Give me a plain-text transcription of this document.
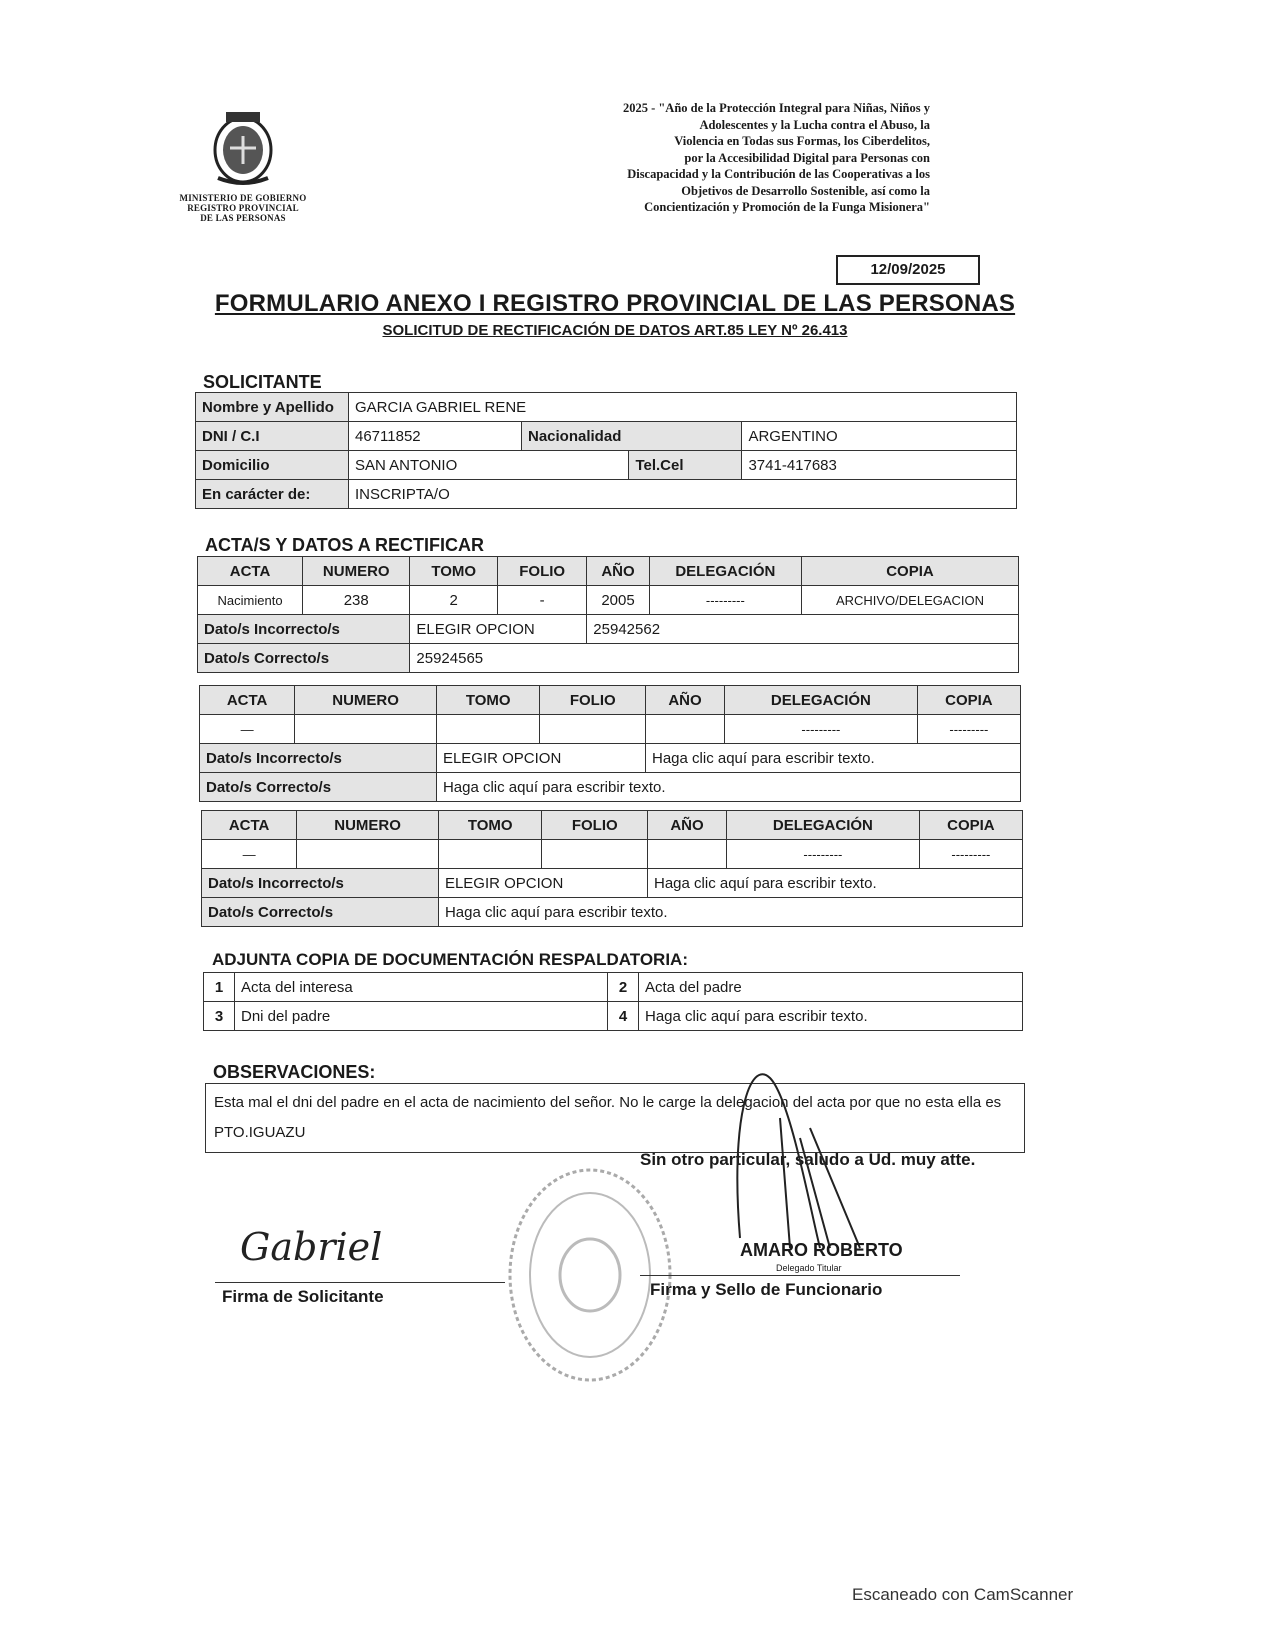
MINISTERIO DE GOBIERNO
REGISTRO PROVINCIAL
DE LAS PERSONAS
2025 - "Año de la Protección Integral para Niñas, Niños y
Adolescentes y la Lucha contra el Abuso, la
Violencia en Todas sus Formas, los Ciberdelitos,
por la Accesibilidad Digital para Personas con
Discapacidad y la Contribución de las Cooperativas a los
Objetivos de Desarrollo Sostenible, así como la
Concientización y Promoción de la Funga Misionera"
12/09/2025
FORMULARIO ANEXO I REGISTRO PROVINCIAL DE LAS PERSONAS
SOLICITUD DE RECTIFICACIÓN DE DATOS ART.85 LEY Nº 26.413
SOLICITANTE
Nombre y Apellido	GARCIA GABRIEL RENE			
DNI / C.I	46711852	Nacionalidad		ARGENTINO
Domicilio	SAN ANTONIO		Tel.Cel	3741-417683
En carácter de:	INSCRIPTA/O			
ACTA/S Y DATOS A RECTIFICAR
ACTA	NUMERO	TOMO	FOLIO	AÑO	DELEGACIÓN	COPIA
Nacimiento	238	2	-	2005	---------	ARCHIVO/DELEGACION
Dato/s Incorrecto/s		ELEGIR OPCION		25942562		
Dato/s Correcto/s		25924565				
ACTA	NUMERO	TOMO	FOLIO	AÑO	DELEGACIÓN	COPIA
—					---------	---------
Dato/s Incorrecto/s		ELEGIR OPCION		Haga clic aquí para escribir texto.		
Dato/s Correcto/s		Haga clic aquí para escribir texto.				
ACTA	NUMERO	TOMO	FOLIO	AÑO	DELEGACIÓN	COPIA
—					---------	---------
Dato/s Incorrecto/s		ELEGIR OPCION		Haga clic aquí para escribir texto.		
Dato/s Correcto/s		Haga clic aquí para escribir texto.				
ADJUNTA COPIA DE DOCUMENTACIÓN RESPALDATORIA:
1	Acta del interesa	2	Acta del padre
3	Dni del padre	4	Haga clic aquí para escribir texto.
OBSERVACIONES:
Esta mal el dni del padre en el acta de nacimiento del señor. No le carge la delegacion del acta por que no esta ella es PTO.IGUAZU
Sin otro particular, saludo a Ud. muy atte.
Gabriel
Firma de Solicitante
AMARO ROBERTO
Delegado Titular
Firma y Sello de Funcionario
Escaneado con CamScanner
